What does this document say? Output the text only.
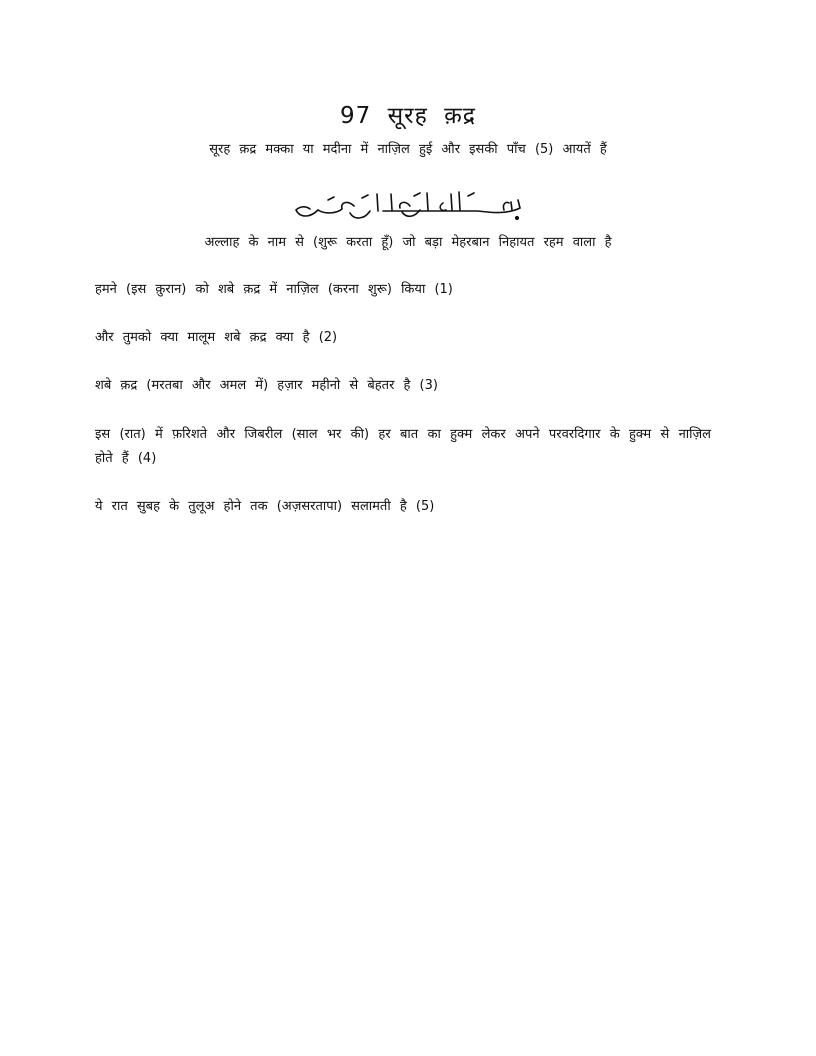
97 सूरह क़द्र
सूरह क़द्र मक्का या मदीना में नाज़िल हुई और इसकी पाँच (5) आयतें हैं
अल्लाह के नाम से (शुरू करता हूँ) जो बड़ा मेहरबान निहायत रहम वाला है
हमने (इस क़ुरान) को शबे क़द्र में नाज़िल (करना शुरू) किया (1)
और तुमको क्या मालूम शबे क़द्र क्या है (2)
शबे क़द्र (मरतबा और अमल में) हज़ार महीनो से बेहतर है (3)
इस (रात) में फ़रिशते और जिबरील (साल भर की) हर बात का हुक्म लेकर अपने परवरदिगार के हुक्म से नाज़िल होते हैं (4)
ये रात सुबह के तुलूअ होने तक (अज़सरतापा) सलामती है (5)
